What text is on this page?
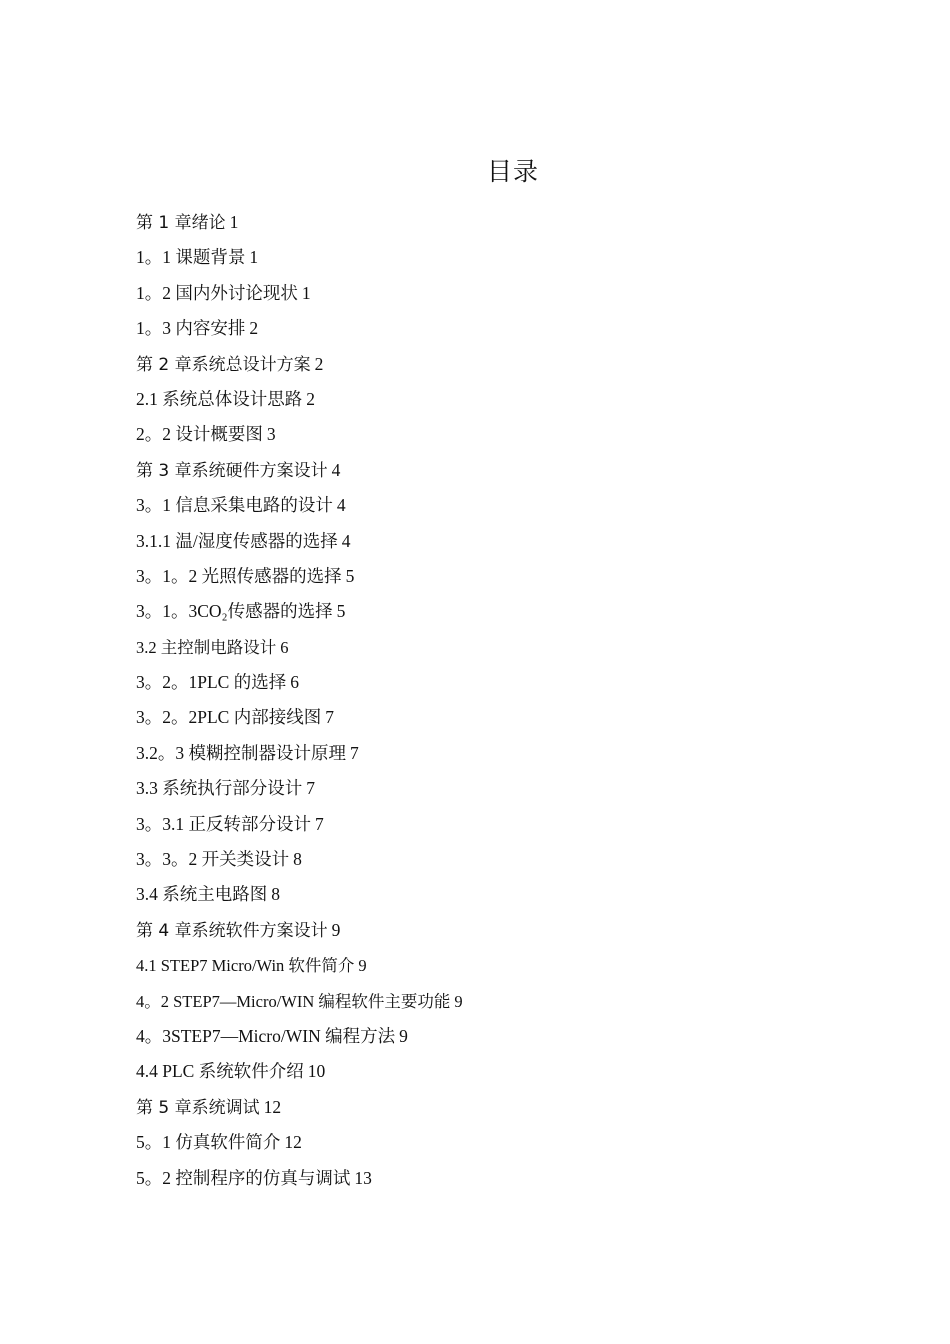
目录
第 1 章绪论 1
1。1 课题背景 1
1。2 国内外讨论现状 1
1。3 内容安排 2
第 2 章系统总设计方案 2
2.1 系统总体设计思路 2
2。2 设计概要图 3
第 3 章系统硬件方案设计 4
3。1 信息采集电路的设计 4
3.1.1 温/湿度传感器的选择 4
3。1。2 光照传感器的选择 5
3。1。3CO₂传感器的选择 5
3.2 主控制电路设计 6
3。2。1PLC 的选择 6
3。2。2PLC 内部接线图 7
3.2。3 模糊控制器设计原理 7
3.3 系统执行部分设计 7
3。3.1 正反转部分设计 7
3。3。2 开关类设计 8
3.4 系统主电路图 8
第 4 章系统软件方案设计 9
4.1 STEP7 Micro/Win 软件简介 9
4。2 STEP7—Micro/WIN 编程软件主要功能 9
4。3STEP7—Micro/WIN 编程方法 9
4.4 PLC 系统软件介绍 10
第 5 章系统调试 12
5。1 仿真软件简介 12
5。2 控制程序的仿真与调试 13
